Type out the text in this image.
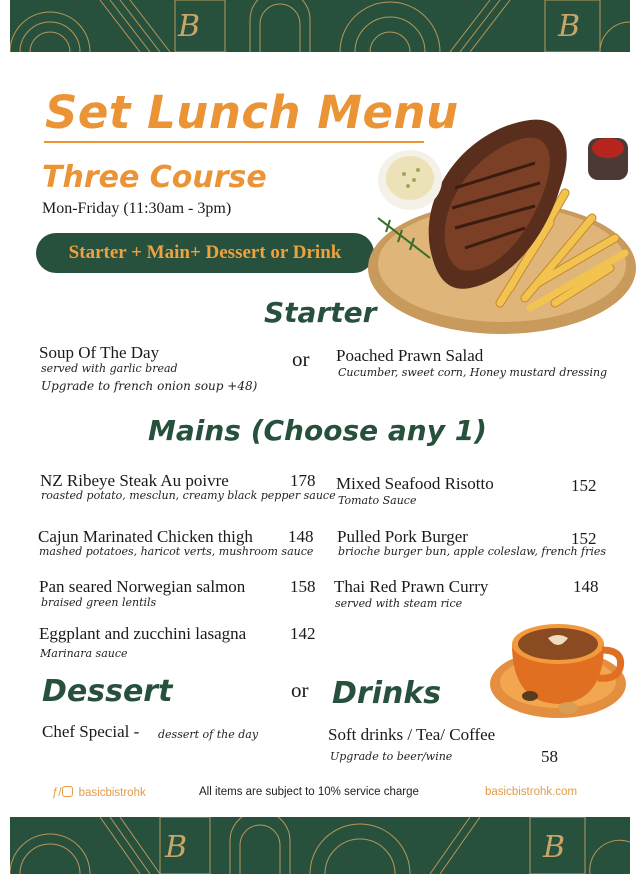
B	B
Set Lunch Menu
Three Course
Mon-Friday (11:30am - 3pm)
Starter + Main+ Dessert or Drink
Starter
Soup Of The Day
served with garlic bread
Upgrade to french onion soup +48)
or Poached Prawn Salad
Cucumber, sweet corn, Honey mustard dressing
Mains (Choose any 1)
NZ Ribeye Steak Au poivre	178
roasted potato, mesclun, creamy black pepper sauce
Mixed Seafood Risotto	152
Tomato Sauce
Cajun Marinated Chicken thigh 148
mashed potatoes, haricot verts, mushroom sauce
Pulled Pork Burger	152
brioche burger bun, apple coleslaw, french fries
Pan seared Norwegian salmon	158
braised green lentils
Thai Red Prawn Curry	148
served with steam rice
Eggplant and zucchini lasagna	142
Marinara sauce
Dessert	or Drinks
Chef Special - dessert of the day	Soft drinks / Tea/ Coffee
Upgrade to beer/wine	58
ƒ/ basicbistrohk	All items are subject to 10% service charge	basicbistrohk.com
B	B
